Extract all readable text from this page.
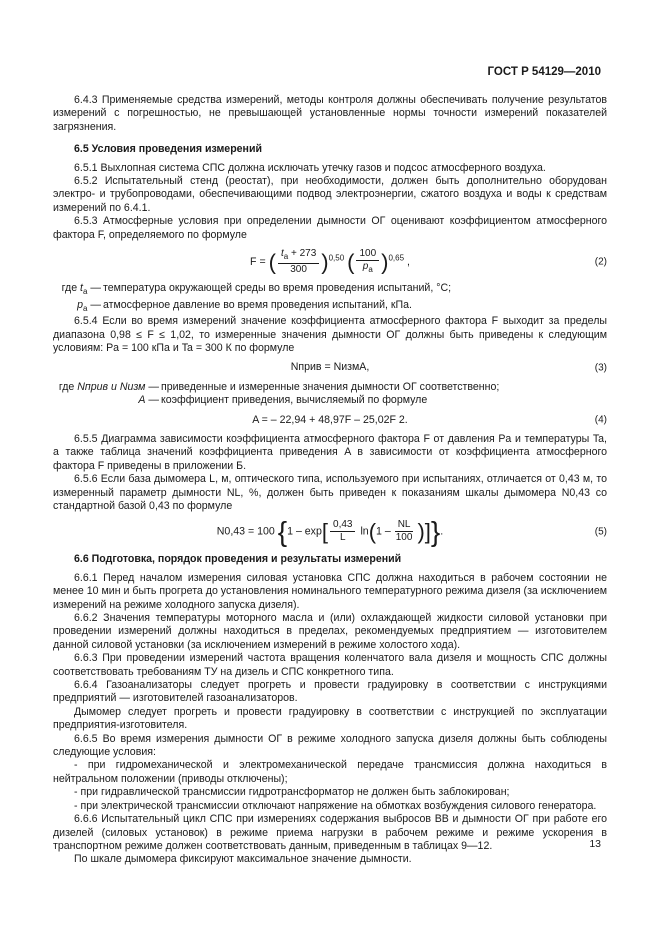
ГОСТ Р 54129—2010

6.4.3 Применяемые средства измерений, методы контроля должны обеспечивать получение результатов измерений с погрешностью, не превышающей установленные нормы точности измерений показателей загрязнения.

6.5 Условия проведения измерений

6.5.1 Выхлопная система СПС должна исключать утечку газов и подсос атмосферного воздуха.

6.5.2 Испытательный стенд (реостат), при необходимости, должен быть дополнительно оборудован электро- и трубопроводами, обеспечивающими подвод электроэнергии, сжатого воздуха и воды к средствам измерений по 6.4.1.

6.5.3 Атмосферные условия при определении дымности ОГ оценивают коэффициентом атмосферного фактора F, определяемого по формуле

F = ( $\frac{t_a + 273}{300} )^{0,50}$ ( $\frac{100}{p_a} )^{0,65}$ ,	(2)
где $t_a$ — температура окружающей среды во время проведения испытаний, °С;
$p_a$ — атмосферное давление во время проведения испытаний, кПа.

6.5.4 Если во время измерений значение коэффициента атмосферного фактора F выходит за пределы диапазона 0,98 ≤ F ≤ 1,02, то измеренные значения дымности ОГ должны быть приведены к следующим условиям: Pa = 100 кПа и Ta = 300 К по формуле

Nприв = NизмA,	(3)
где Nприв и Nизм — приведенные и измеренные значения дымности ОГ соответственно;
A — коэффициент приведения, вычисляемый по формуле
A = – 22,94 + 48,97F – 25,02F 2.	(4)

6.5.5 Диаграмма зависимости коэффициента атмосферного фактора F от давления Pa и температуры Ta, а также таблица значений коэффициента приведения A в зависимости от коэффициента атмосферного фактора F приведены в приложении Б.

6.5.6 Если база дымомера L, м, оптического типа, используемого при испытаниях, отличается от 0,43 м, то измеренный параметр дымности NL, %, должен быть приведен к показаниям шкалы дымомера N0,43 со стандартной базой 0,43 по формуле

N0,43 = 100 {$1 - \exp[ \frac{0,43}{L} \ln(1 - \frac{NL}{100}$ )]}.	(5)

6.6 Подготовка, порядок проведения и результаты измерений

6.6.1 Перед началом измерения силовая установка СПС должна находиться в рабочем состоянии не менее 10 мин и быть прогрета до установления номинального температурного режима дизеля (за исключением измерений на режиме холодного запуска дизеля).

6.6.2 Значения температуры моторного масла и (или) охлаждающей жидкости силовой установки при проведении измерений должны находиться в пределах, рекомендуемых предприятием — изготовителем данной силовой установки (за исключением измерений в режиме холостого хода).

6.6.3 При проведении измерений частота вращения коленчатого вала дизеля и мощность СПС должны соответствовать требованиям ТУ на дизель и СПС конкретного типа.

6.6.4 Газоанализаторы следует прогреть и провести градуировку в соответствии с инструкциями предприятий — изготовителей газоанализаторов.

Дымомер следует прогреть и провести градуировку в соответствии с инструкцией по эксплуатации предприятия-изготовителя.

6.6.5 Во время измерения дымности ОГ в режиме холодного запуска дизеля должны быть соблюдены следующие условия:

- при гидромеханической и электромеханической передаче трансмиссия должна находиться в нейтральном положении (приводы отключены);

- при гидравлической трансмиссии гидротрансформатор не должен быть заблокирован;

- при электрической трансмиссии отключают напряжение на обмотках возбуждения силового генератора.

6.6.6 Испытательный цикл СПС при измерениях содержания выбросов ВВ и дымности ОГ при работе его дизелей (силовых установок) в режиме приема нагрузки в рабочем режиме и режиме ускорения в транспортном режиме должен соответствовать данным, приведенным в таблицах 9—12.

По шкале дымомера фиксируют максимальное значение дымности.

13
